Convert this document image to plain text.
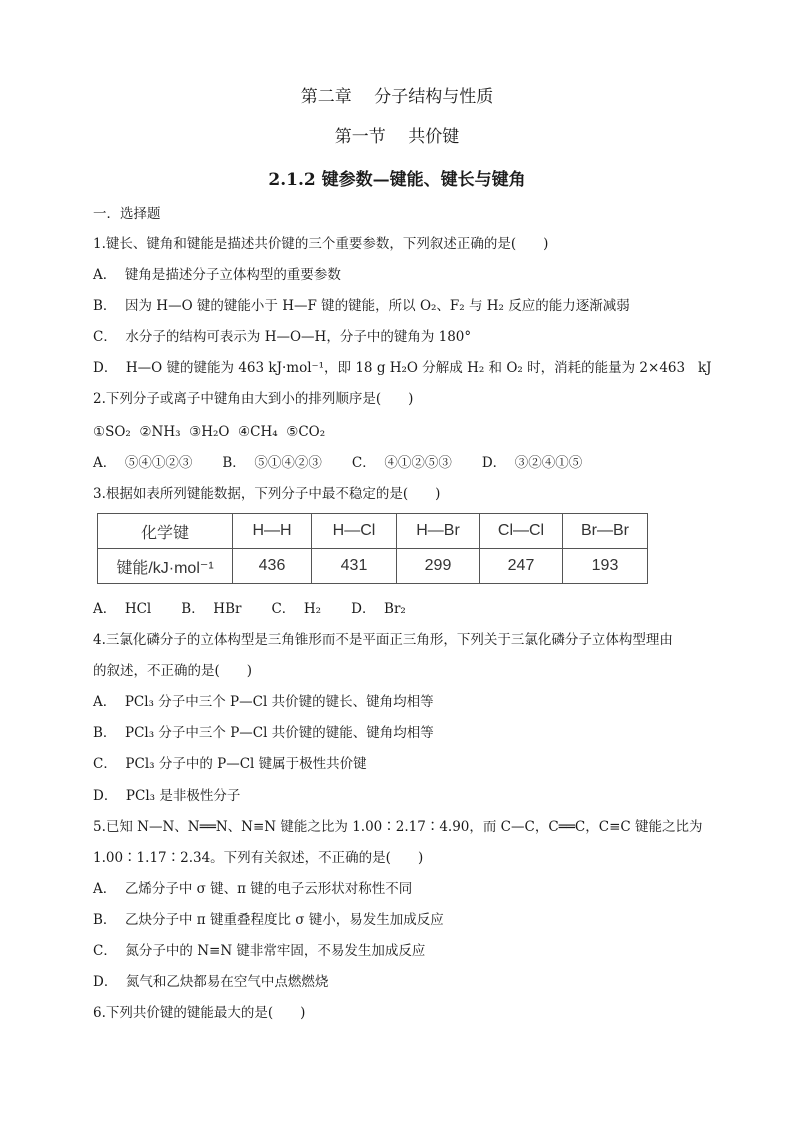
第二章　 分子结构与性质
第一节　 共价键
2.1.2 键参数—键能、键长与键角
一．选择题
1.键长、键角和键能是描述共价键的三个重要参数，下列叙述正确的是(　　)
A．  键角是描述分子立体构型的重要参数
B．  因为 H—O 键的键能小于 H—F 键的键能，所以 O₂、F₂ 与 H₂ 反应的能力逐渐减弱
C．  水分子的结构可表示为 H—O—H，分子中的键角为 180°
D．  H—O 键的键能为 463 kJ·mol⁻¹，即 18 g H₂O 分解成 H₂ 和 O₂ 时，消耗的能量为 2×463   kJ
2.下列分子或离子中键角由大到小的排列顺序是(　　)
①SO₂  ②NH₃  ③H₂O  ④CH₄  ⑤CO₂
A．  ⑤④①②③       B．  ⑤①④②③       C．  ④①②⑤③       D．  ③②④①⑤
3.根据如表所列键能数据，下列分子中最不稳定的是(　　)
化学键	H—H	H—Cl	H—Br	Cl—Cl	Br—Br
键能/kJ·mol⁻¹	436	431	299	247	193
A．  HCl       B．  HBr       C．  H₂       D．  Br₂
4.三氯化磷分子的立体构型是三角锥形而不是平面正三角形，下列关于三氯化磷分子立体构型理由
的叙述，不正确的是(　　)
A．  PCl₃ 分子中三个 P—Cl 共价键的键长、键角均相等
B．  PCl₃ 分子中三个 P—Cl 共价键的键能、键角均相等
C．  PCl₃ 分子中的 P—Cl 键属于极性共价键
D．  PCl₃ 是非极性分子
5.已知 N—N、N══N、N≡N 键能之比为 1.00∶2.17∶4.90，而 C—C，C══C，C≡C 键能之比为
1.00∶1.17∶2.34。下列有关叙述，不正确的是(　　)
A．  乙烯分子中 σ 键、π 键的电子云形状对称性不同
B．  乙炔分子中 π 键重叠程度比 σ 键小，易发生加成反应
C．  氮分子中的 N≡N 键非常牢固，不易发生加成反应
D．  氮气和乙炔都易在空气中点燃燃烧
6.下列共价键的键能最大的是(　　)
